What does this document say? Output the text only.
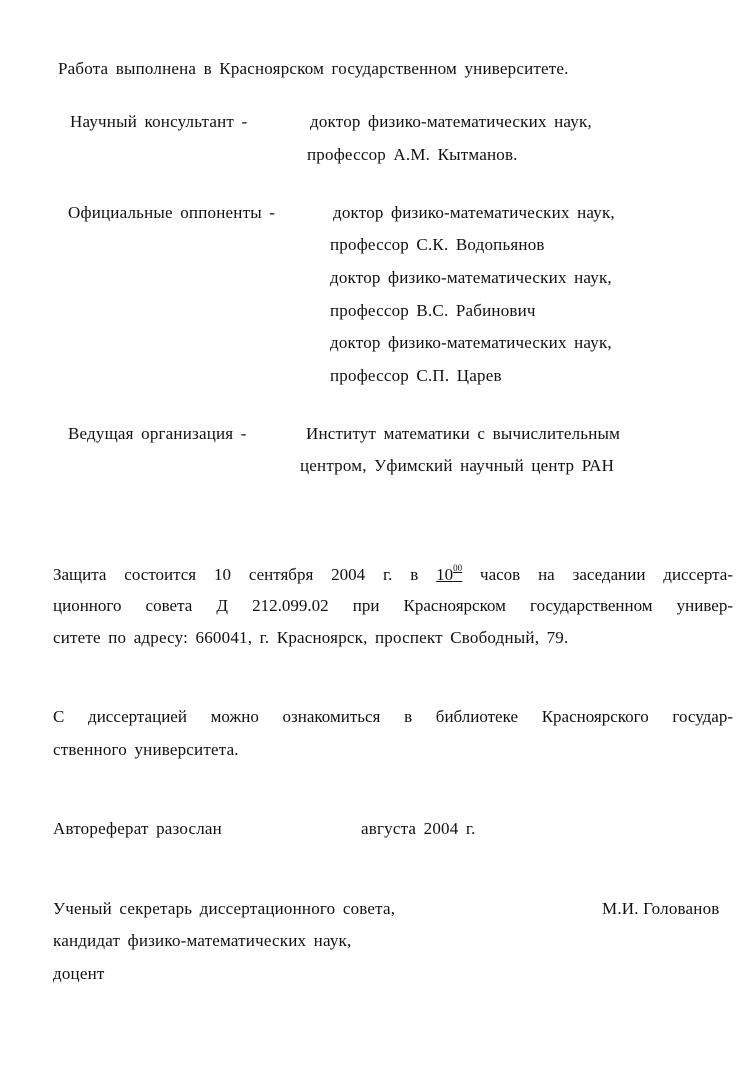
Работа выполнена в Красноярском государственном университете.
Научный консультант -	доктор физико-математических наук,
профессор А.М. Кытманов.
Официальные оппоненты -	доктор физико-математических наук,
профессор С.К. Водопьянов
доктор физико-математических наук,
профессор В.С. Рабинович
доктор физико-математических наук,
профессор С.П. Царев
Ведущая организация -	Институт математики с вычислительным
центром, Уфимский научный центр РАН
Защита состоится 10 сентября 2004 г. в $10^{00}$ часов на заседании диссерта-
ционного совета Д 212.099.02 при Красноярском государственном универ-
ситете по адресу: 660041, г. Красноярск, проспект Свободный, 79.
С диссертацией можно ознакомиться в библиотеке Красноярского государ-
ственного университета.
Автореферат разослан	августа 2004 г.
Ученый секретарь диссертационного совета,	М.И. Голованов
кандидат физико-математических наук,
доцент
